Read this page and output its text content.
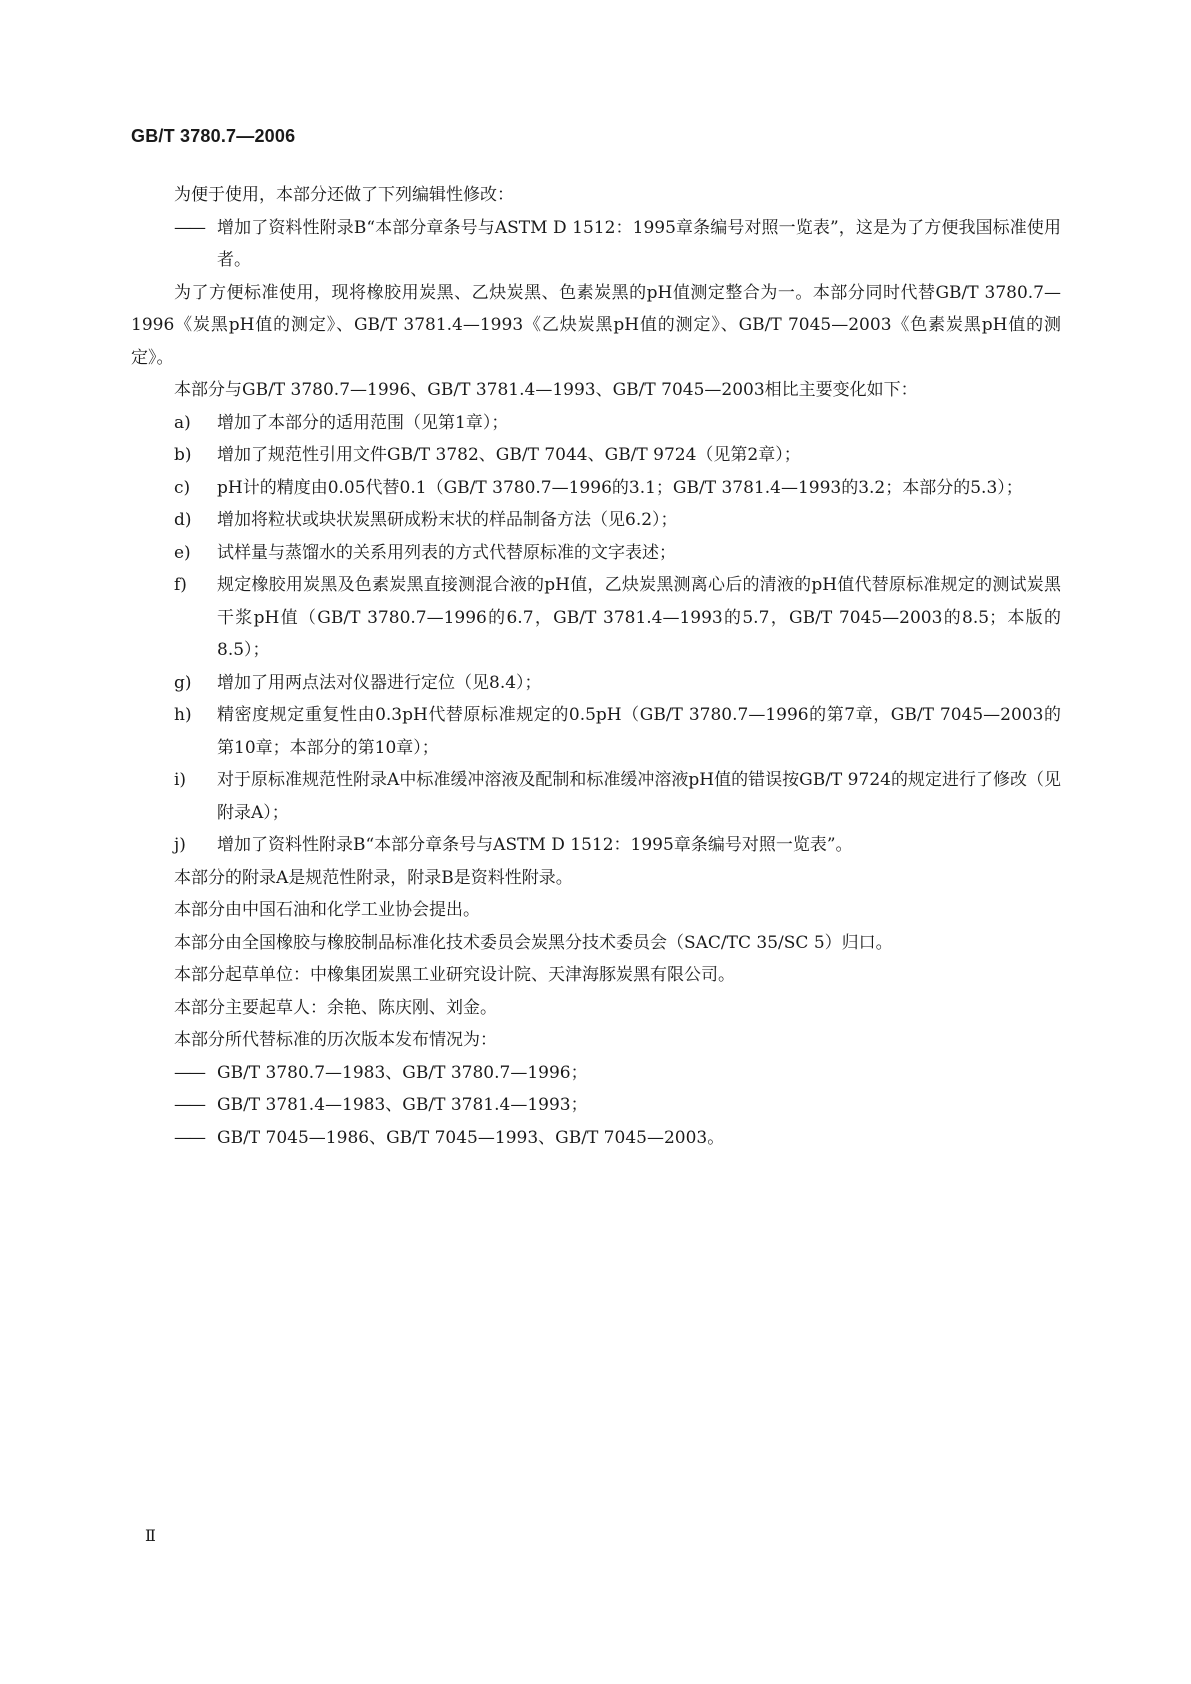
GB/T 3780.7—2006

为便于使用，本部分还做了下列编辑性修改：

—— 增加了资料性附录B“本部分章条号与ASTM D 1512：1995章条编号对照一览表”，这是为了方便我国标准使用者。

为了方便标准使用，现将橡胶用炭黑、乙炔炭黑、色素炭黑的pH值测定整合为一。本部分同时代替GB/T 3780.7—1996《炭黑pH值的测定》、GB/T 3781.4—1993《乙炔炭黑pH值的测定》、GB/T 7045—2003《色素炭黑pH值的测定》。

本部分与GB/T 3780.7—1996、GB/T 3781.4—1993、GB/T 7045—2003相比主要变化如下：

a)	增加了本部分的适用范围（见第1章）；
b)	增加了规范性引用文件GB/T 3782、GB/T 7044、GB/T 9724（见第2章）；
c)	pH计的精度由0.05代替0.1（GB/T 3780.7—1996的3.1；GB/T 3781.4—1993的3.2；本部分的5.3）；
d)	增加将粒状或块状炭黑研成粉末状的样品制备方法（见6.2）；
e)	试样量与蒸馏水的关系用列表的方式代替原标准的文字表述；
f)	规定橡胶用炭黑及色素炭黑直接测混合液的pH值，乙炔炭黑测离心后的清液的pH值代替原标准规定的测试炭黑干浆pH值（GB/T 3780.7—1996的6.7，GB/T 3781.4—1993的5.7，GB/T 7045—2003的8.5；本版的8.5）；
g)	增加了用两点法对仪器进行定位（见8.4）；
h)	精密度规定重复性由0.3pH代替原标准规定的0.5pH（GB/T 3780.7—1996的第7章，GB/T 7045—2003的第10章；本部分的第10章）；
i)	对于原标准规范性附录A中标准缓冲溶液及配制和标准缓冲溶液pH值的错误按GB/T 9724的规定进行了修改（见附录A）；
j)	增加了资料性附录B“本部分章条号与ASTM D 1512：1995章条编号对照一览表”。

本部分的附录A是规范性附录，附录B是资料性附录。

本部分由中国石油和化学工业协会提出。

本部分由全国橡胶与橡胶制品标准化技术委员会炭黑分技术委员会（SAC/TC 35/SC 5）归口。

本部分起草单位：中橡集团炭黑工业研究设计院、天津海豚炭黑有限公司。

本部分主要起草人：余艳、陈庆刚、刘金。

本部分所代替标准的历次版本发布情况为：

—— GB/T 3780.7—1983、GB/T 3780.7—1996；
—— GB/T 3781.4—1983、GB/T 3781.4—1993；
—— GB/T 7045—1986、GB/T 7045—1993、GB/T 7045—2003。
Ⅱ
